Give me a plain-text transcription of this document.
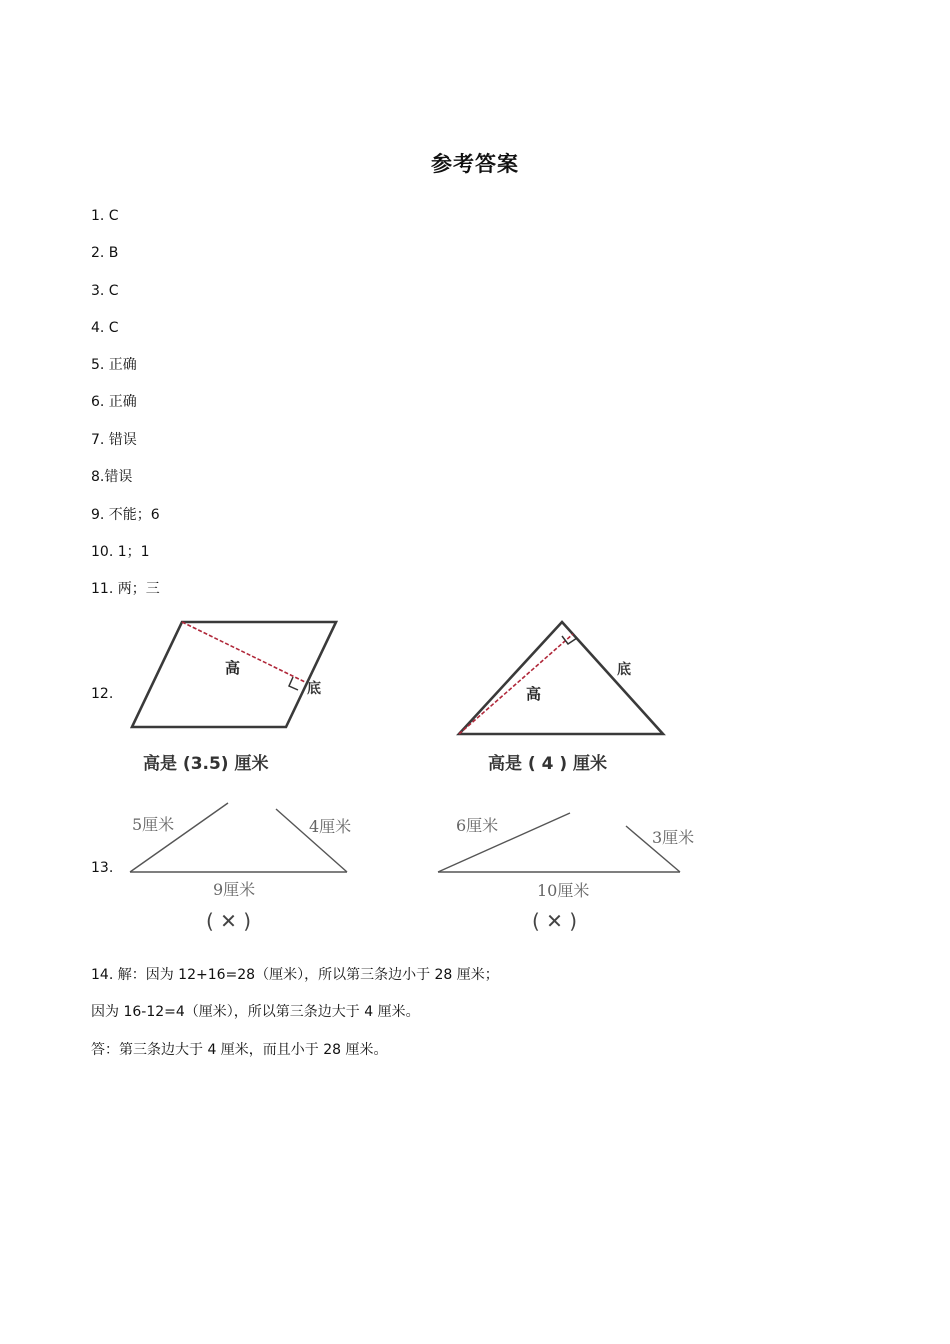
参考答案
1. C
2. B
3. C
4. C
5. 正确
6. 正确
7. 错误
8.错误
9. 不能；6
10. 1；1
11. 两；三
12.
高
底
高是 (3.5) 厘米
高
底
高是 ( 4 ) 厘米
13.
5厘米	4厘米
9厘米
( ✕ )
6厘米
3厘米
10厘米
( ✕ )
14. 解：因为 12+16=28（厘米），所以第三条边小于 28 厘米；
因为 16-12=4（厘米），所以第三条边大于 4 厘米。
答：第三条边大于 4 厘米，而且小于 28 厘米。
